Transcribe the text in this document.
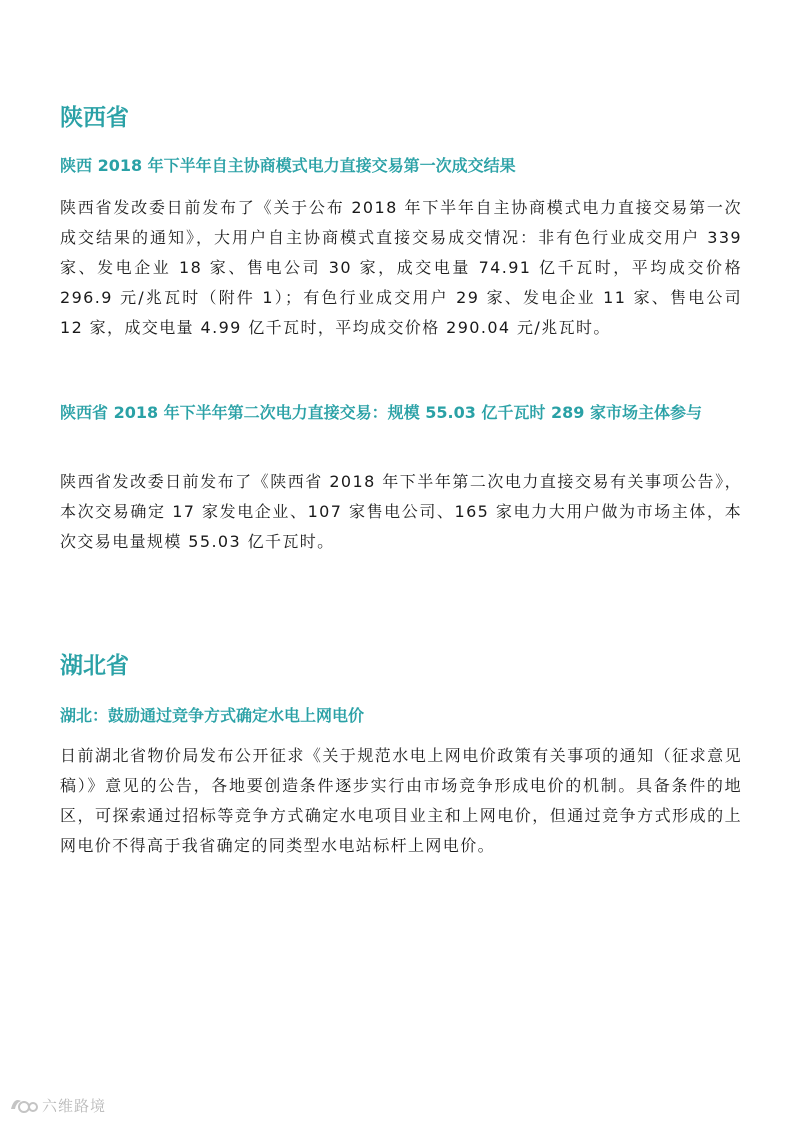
陕西省
陕西 2018 年下半年自主协商模式电力直接交易第一次成交结果

陕西省发改委日前发布了《关于公布 2018 年下半年自主协商模式电力直接交易第一次成交结果的通知》，大用户自主协商模式直接交易成交情况：非有色行业成交用户 339 家、发电企业 18 家、售电公司 30 家，成交电量 74.91 亿千瓦时，平均成交价格 296.9 元/兆瓦时（附件 1）；有色行业成交用户 29 家、发电企业 11 家、售电公司 12 家，成交电量 4.99 亿千瓦时，平均成交价格 290.04 元/兆瓦时。

陕西省 2018 年下半年第二次电力直接交易：规模 55.03 亿千瓦时 289 家市场主体参与

陕西省发改委日前发布了《陕西省 2018 年下半年第二次电力直接交易有关事项公告》，本次交易确定 17 家发电企业、107 家售电公司、165 家电力大用户做为市场主体，本次交易电量规模 55.03 亿千瓦时。

湖北省
湖北：鼓励通过竞争方式确定水电上网电价

日前湖北省物价局发布公开征求《关于规范水电上网电价政策有关事项的通知（征求意见稿）》意见的公告，各地要创造条件逐步实行由市场竞争形成电价的机制。具备条件的地区，可探索通过招标等竞争方式确定水电项目业主和上网电价，但通过竞争方式形成的上网电价不得高于我省确定的同类型水电站标杆上网电价。

六维路境
